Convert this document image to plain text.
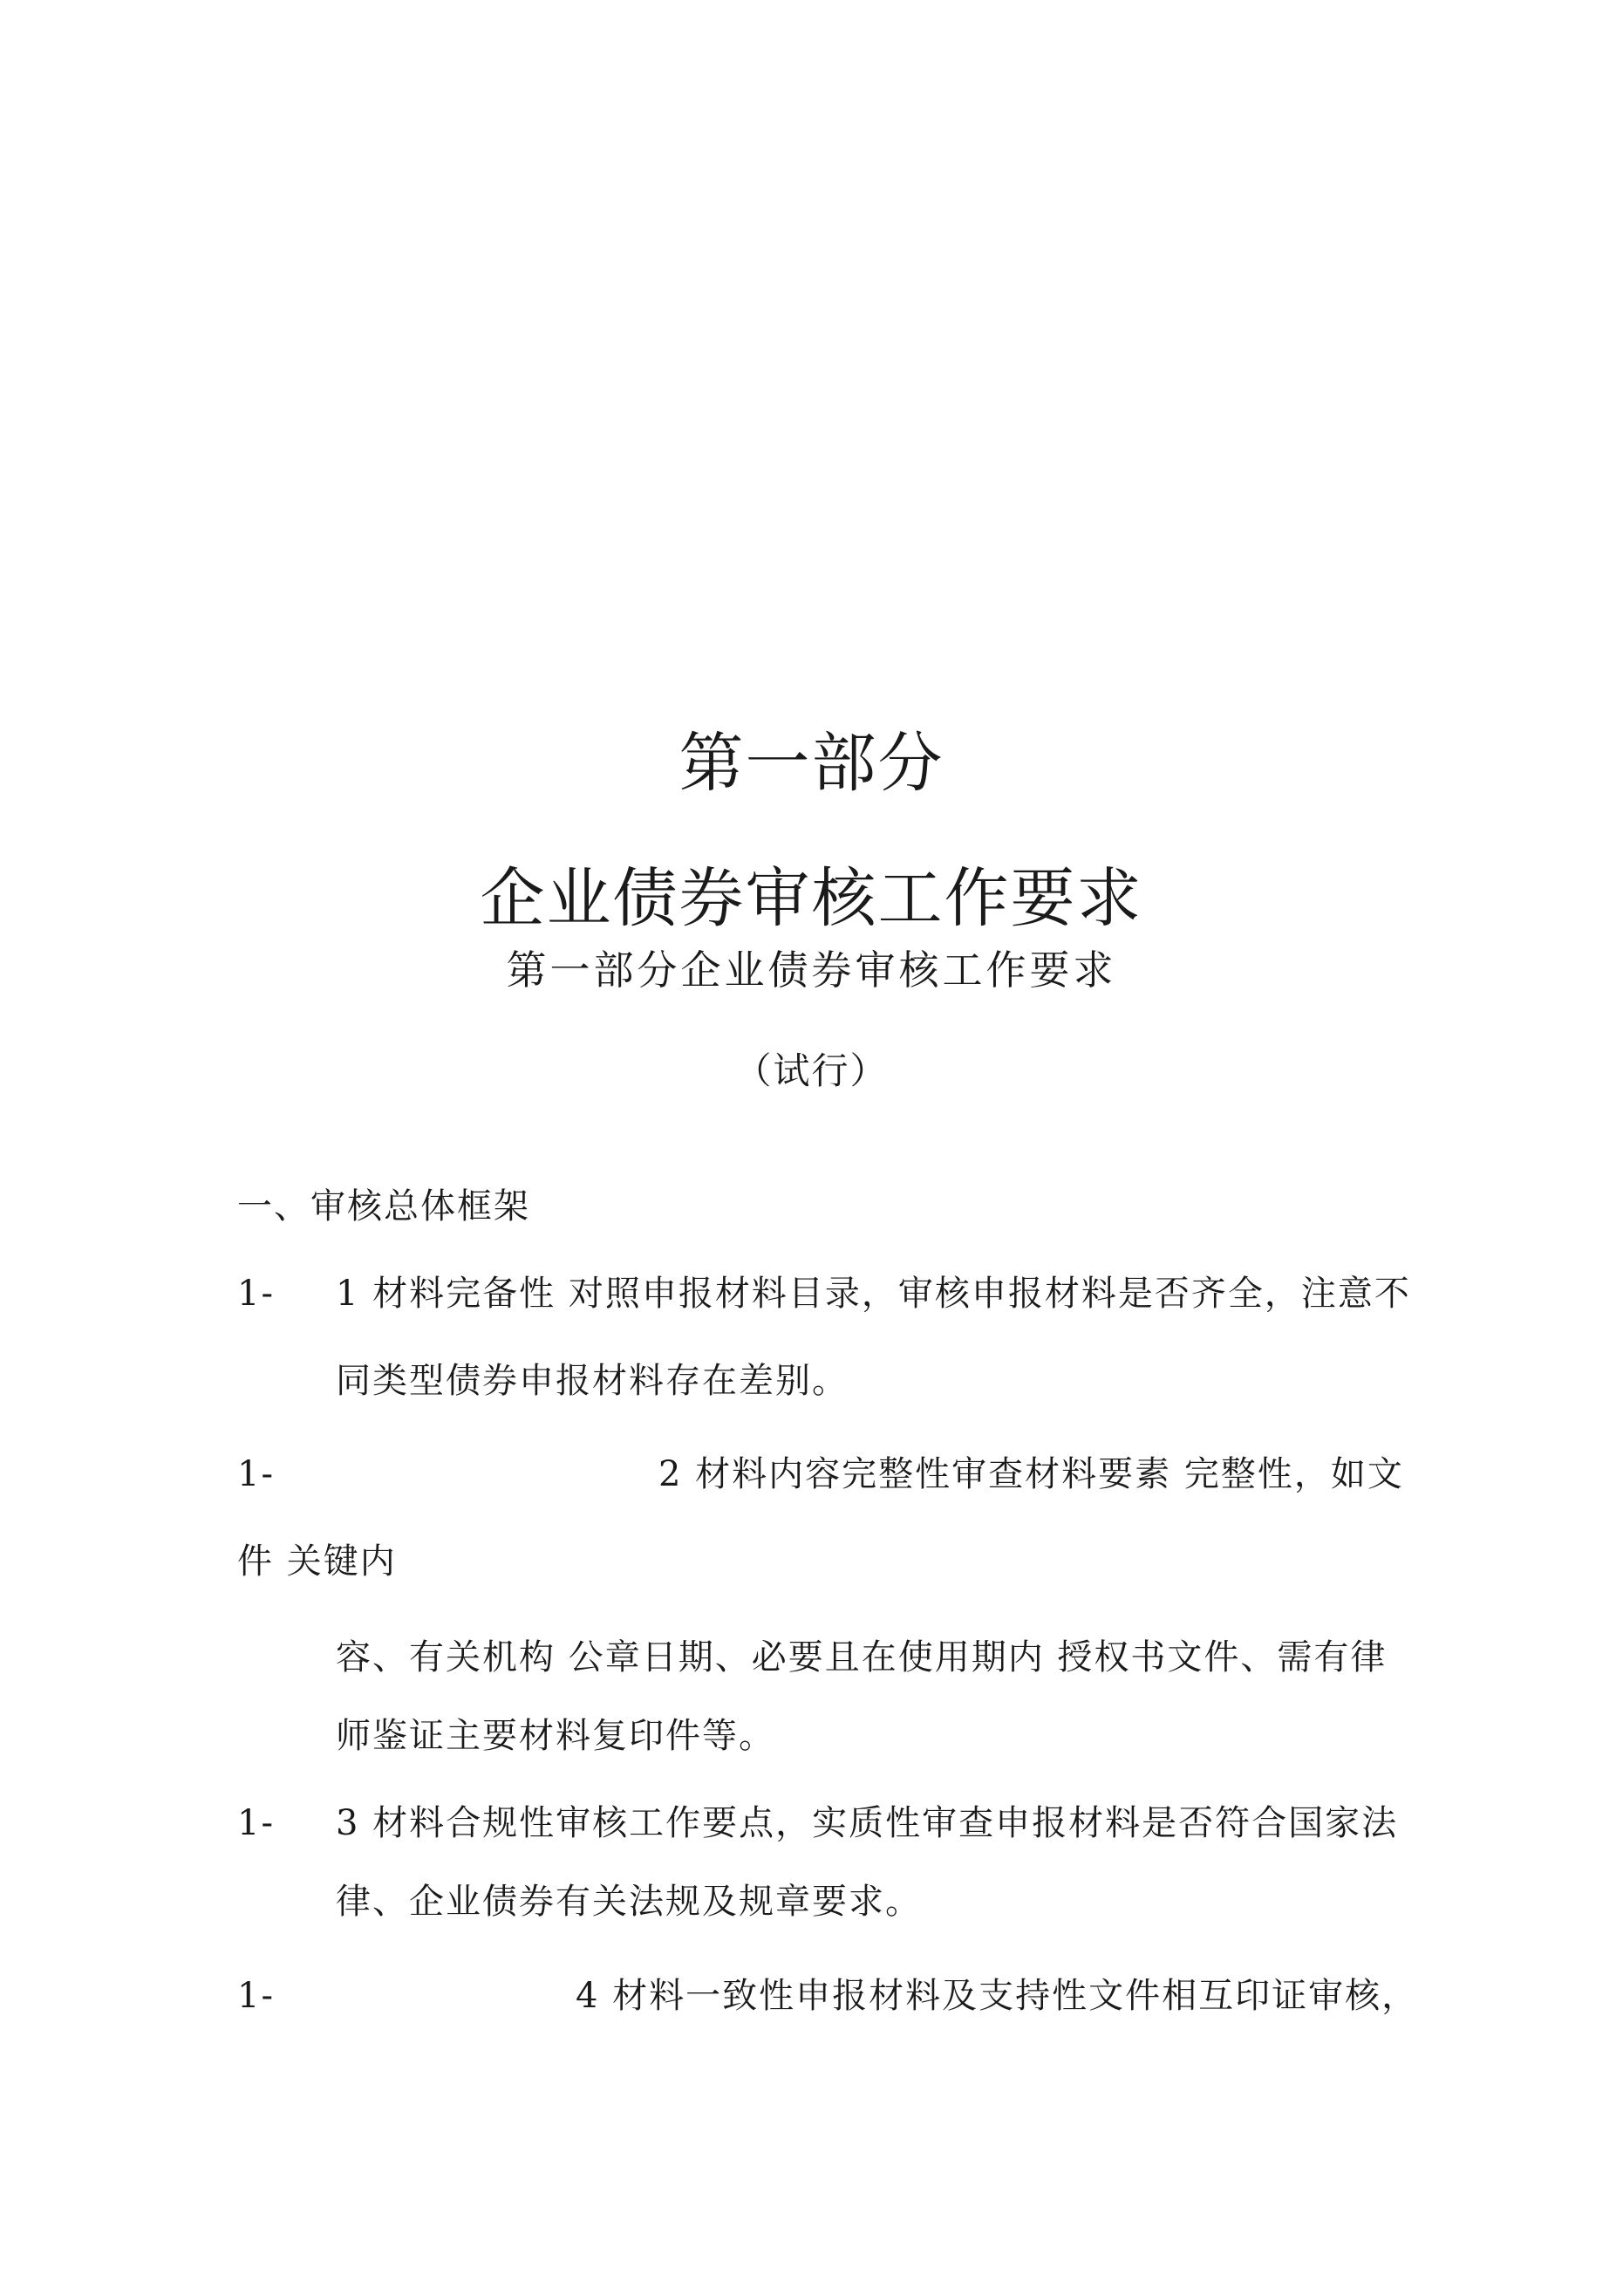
第一部分
企业债券审核工作要求
第一部分企业债券审核工作要求
（试行）
一、审核总体框架
1- 1 材料完备性 对照申报材料目录，审核申报材料是否齐全，注意不
同类型债券申报材料存在差别。
1-	2 材料内容完整性审查材料要素 完整性，如文
件 关键内
容、有关机构 公章日期、必要且在使用期内 授权书文件、需有律
师鉴证主要材料复印件等。
1- 3 材料合规性审核工作要点，实质性审查申报材料是否符合国家法
律、企业债券有关法规及规章要求。
1-	4 材料一致性申报材料及支持性文件相互印证审核，
